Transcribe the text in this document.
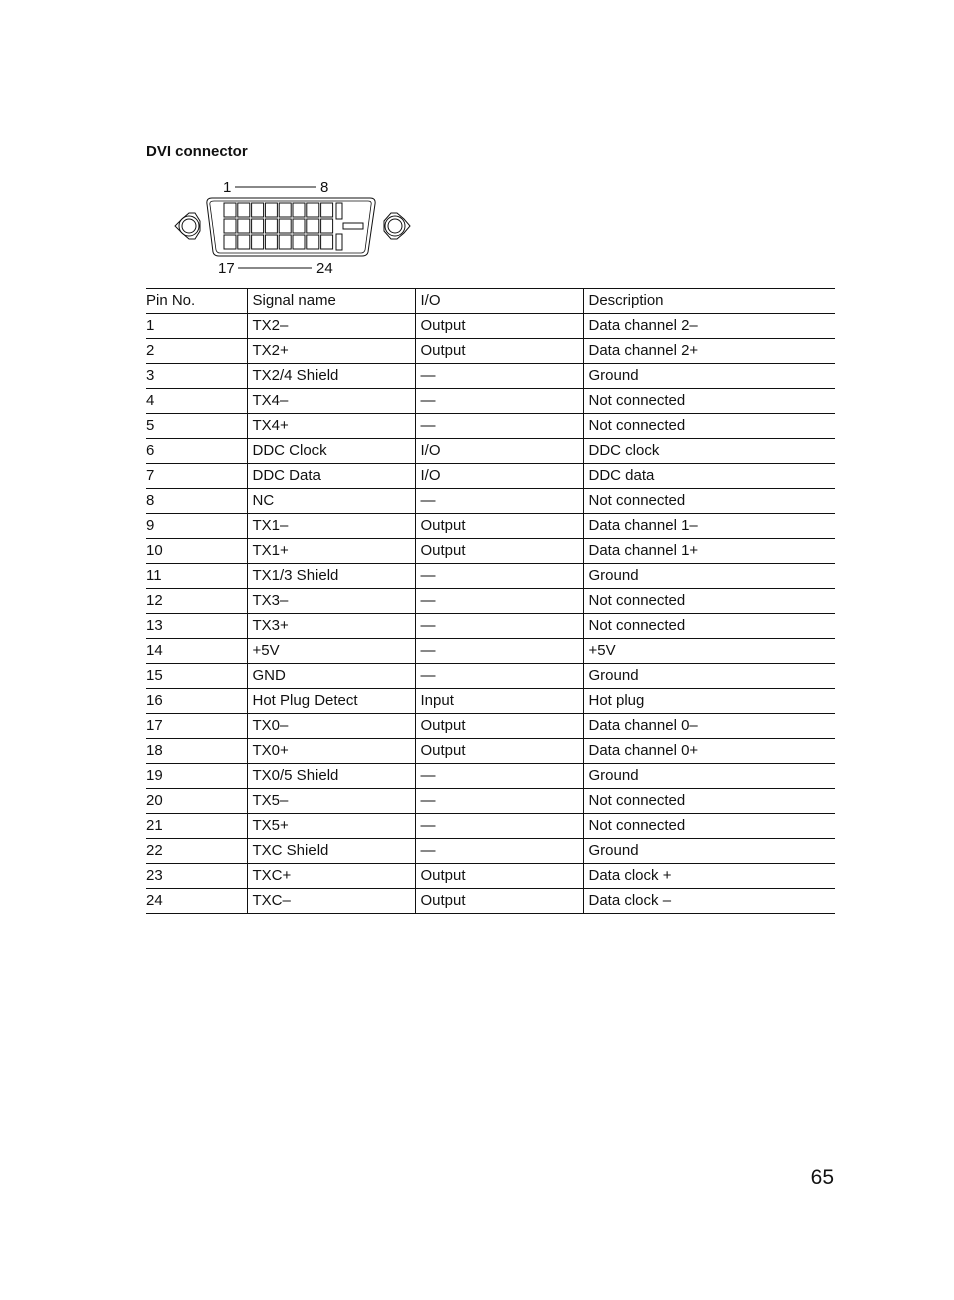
DVI connector
1	8
17	24
Pin No.	Signal name	I/O	Description
1	TX2–	Output	Data channel 2–
2	TX2+	Output	Data channel 2+
3	TX2/4 Shield	—	Ground
4	TX4–	—	Not connected
5	TX4+	—	Not connected
6	DDC Clock	I/O	DDC clock
7	DDC Data	I/O	DDC data
8	NC	—	Not connected
9	TX1–	Output	Data channel 1–
10	TX1+	Output	Data channel 1+
11	TX1/3 Shield	—	Ground
12	TX3–	—	Not connected
13	TX3+	—	Not connected
14	+5V	—	+5V
15	GND	—	Ground
16	Hot Plug Detect	Input	Hot plug
17	TX0–	Output	Data channel 0–
18	TX0+	Output	Data channel 0+
19	TX0/5 Shield	—	Ground
20	TX5–	—	Not connected
21	TX5+	—	Not connected
22	TXC Shield	—	Ground
23	TXC+	Output	Data clock +
24	TXC–	Output	Data clock –
65
